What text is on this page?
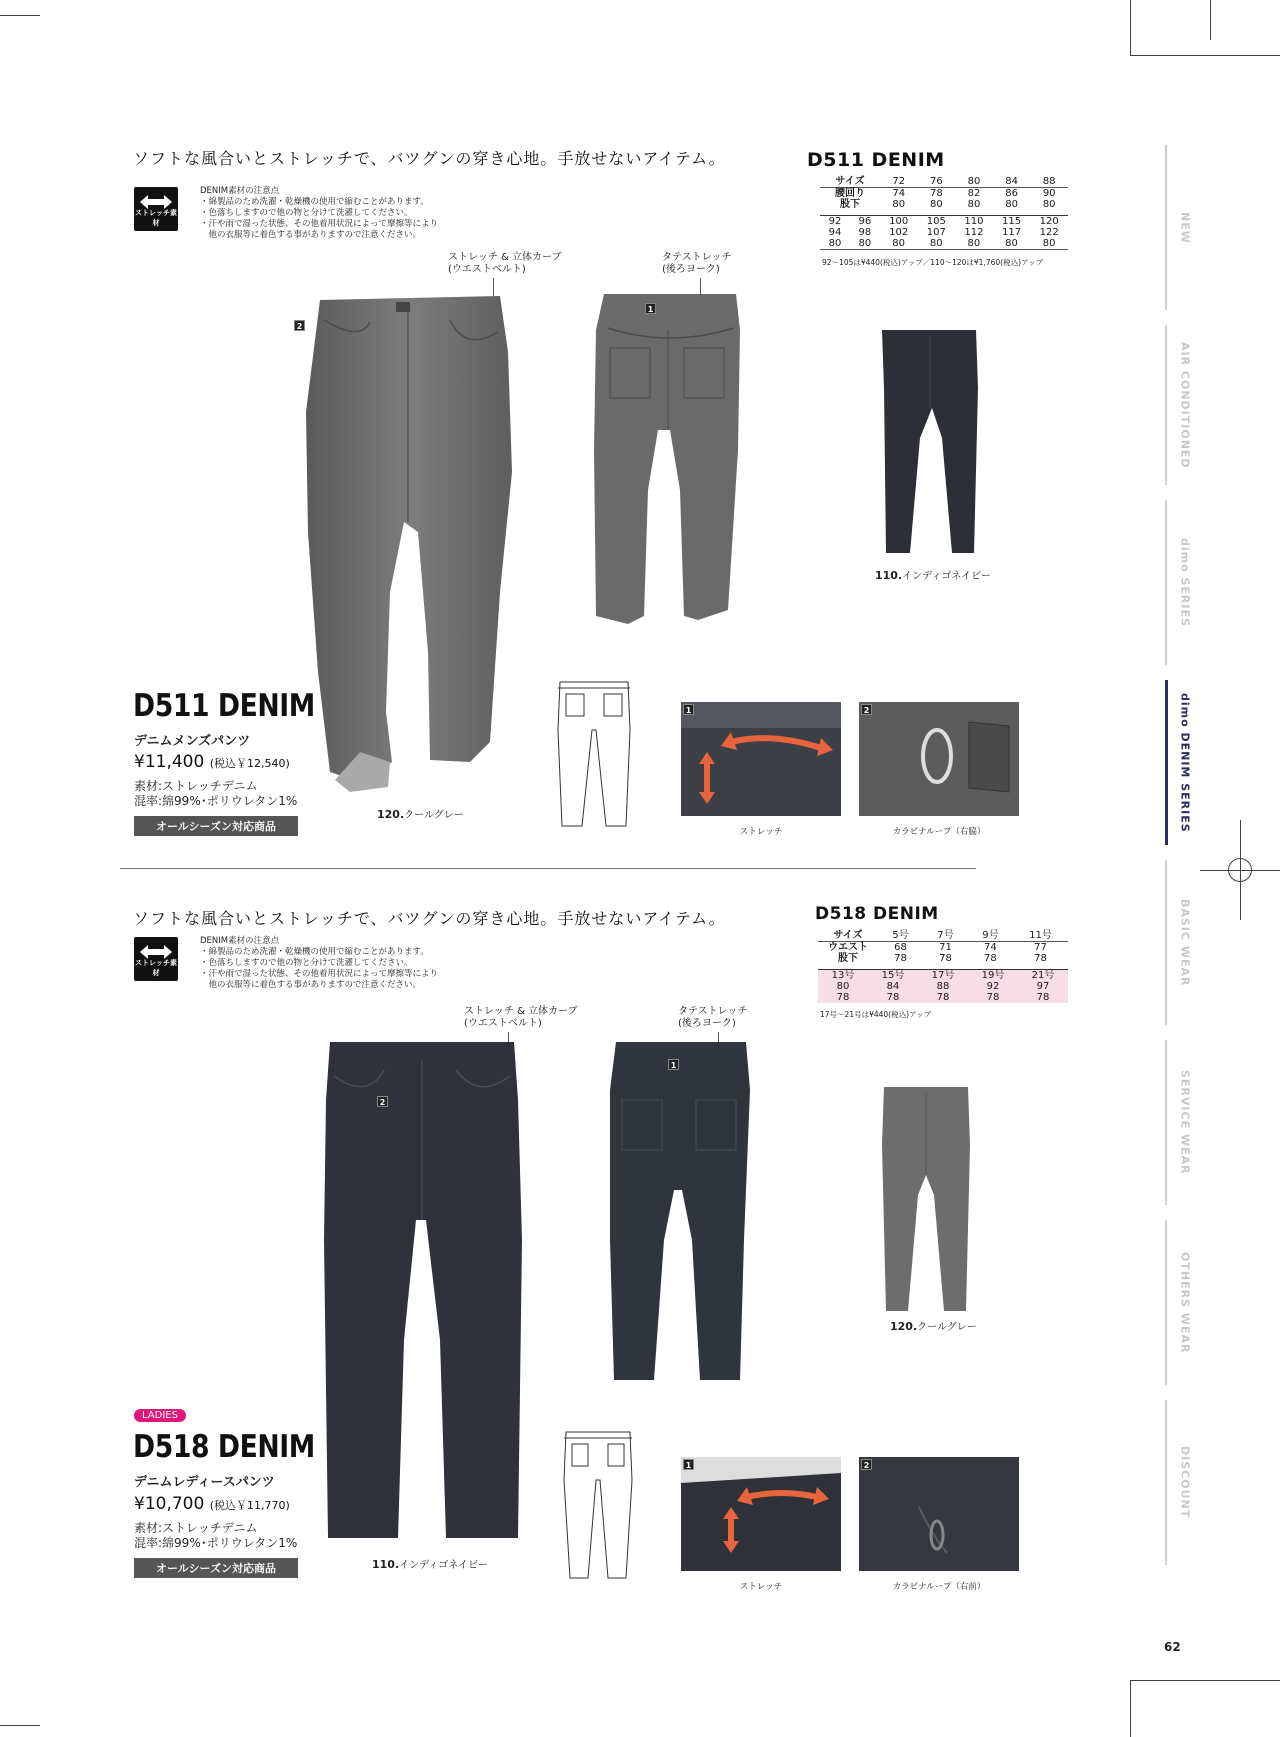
NEW
AIR CONDITIONED
dimo SERIES
dimo DENIM SERIES
BASIC WEAR
SERVICE WEAR
OTHERS WEAR
DISCOUNT
ソフトな風合いとストレッチで、バツグンの穿き心地。手放せないアイテム。
ストレッチ素材
DENIM素材の注意点
・綿製品のため洗濯・乾燥機の使用で縮むことがあります。
・色落ちしますので他の物と分けて洗濯してください。
・汗や雨で湿った状態、その他着用状況によって摩擦等により
　他の衣服等に着色する事がありますので注意ください。
D511 DENIM
サイズ	72	76	80	84	88
腰回り	74	78	82	86	90
股下	80	80	80	80	80
92	96	100	105	110	115	120
94	98	102	107	112	117	122
80	80	80	80	80	80	80
92～105は¥440(税込)アップ／110～120は¥1,760(税込)アップ
ストレッチ & 立体カーブ
(ウエストベルト)
タテストレッチ
(後ろヨーク)
2
1
110.インディゴネイビー
D511 DENIM
デニムメンズパンツ
¥11,400 (税込￥12,540)
素材:ストレッチデニム
混率:綿99%･ポリウレタン1%
オールシーズン対応商品
120.クールグレー
1	2
ストレッチ	カラビナループ（右脇）
ソフトな風合いとストレッチで、バツグンの穿き心地。手放せないアイテム。
ストレッチ素材
DENIM素材の注意点
・綿製品のため洗濯・乾燥機の使用で縮むことがあります。
・色落ちしますので他の物と分けて洗濯してください。
・汗や雨で湿った状態、その他着用状況によって摩擦等により
　他の衣服等に着色する事がありますので注意ください。
D518 DENIM
サイズ	5号	7号	9号	11号
ウエスト	68	71	74	77
股下	78	78	78	78
13号	15号	17号	19号	21号
80	84	88	92	97
78	78	78	78	78
17号～21号は¥440(税込)アップ
ストレッチ & 立体カーブ
(ウエストベルト)
タテストレッチ
(後ろヨーク)
2
1
120.クールグレー
LADIES
D518 DENIM
デニムレディースパンツ
¥10,700 (税込￥11,770)
素材:ストレッチデニム
混率:綿99%･ポリウレタン1%
オールシーズン対応商品	110.インディゴネイビー
1	2
ストレッチ	カラビナループ（右前）
62
